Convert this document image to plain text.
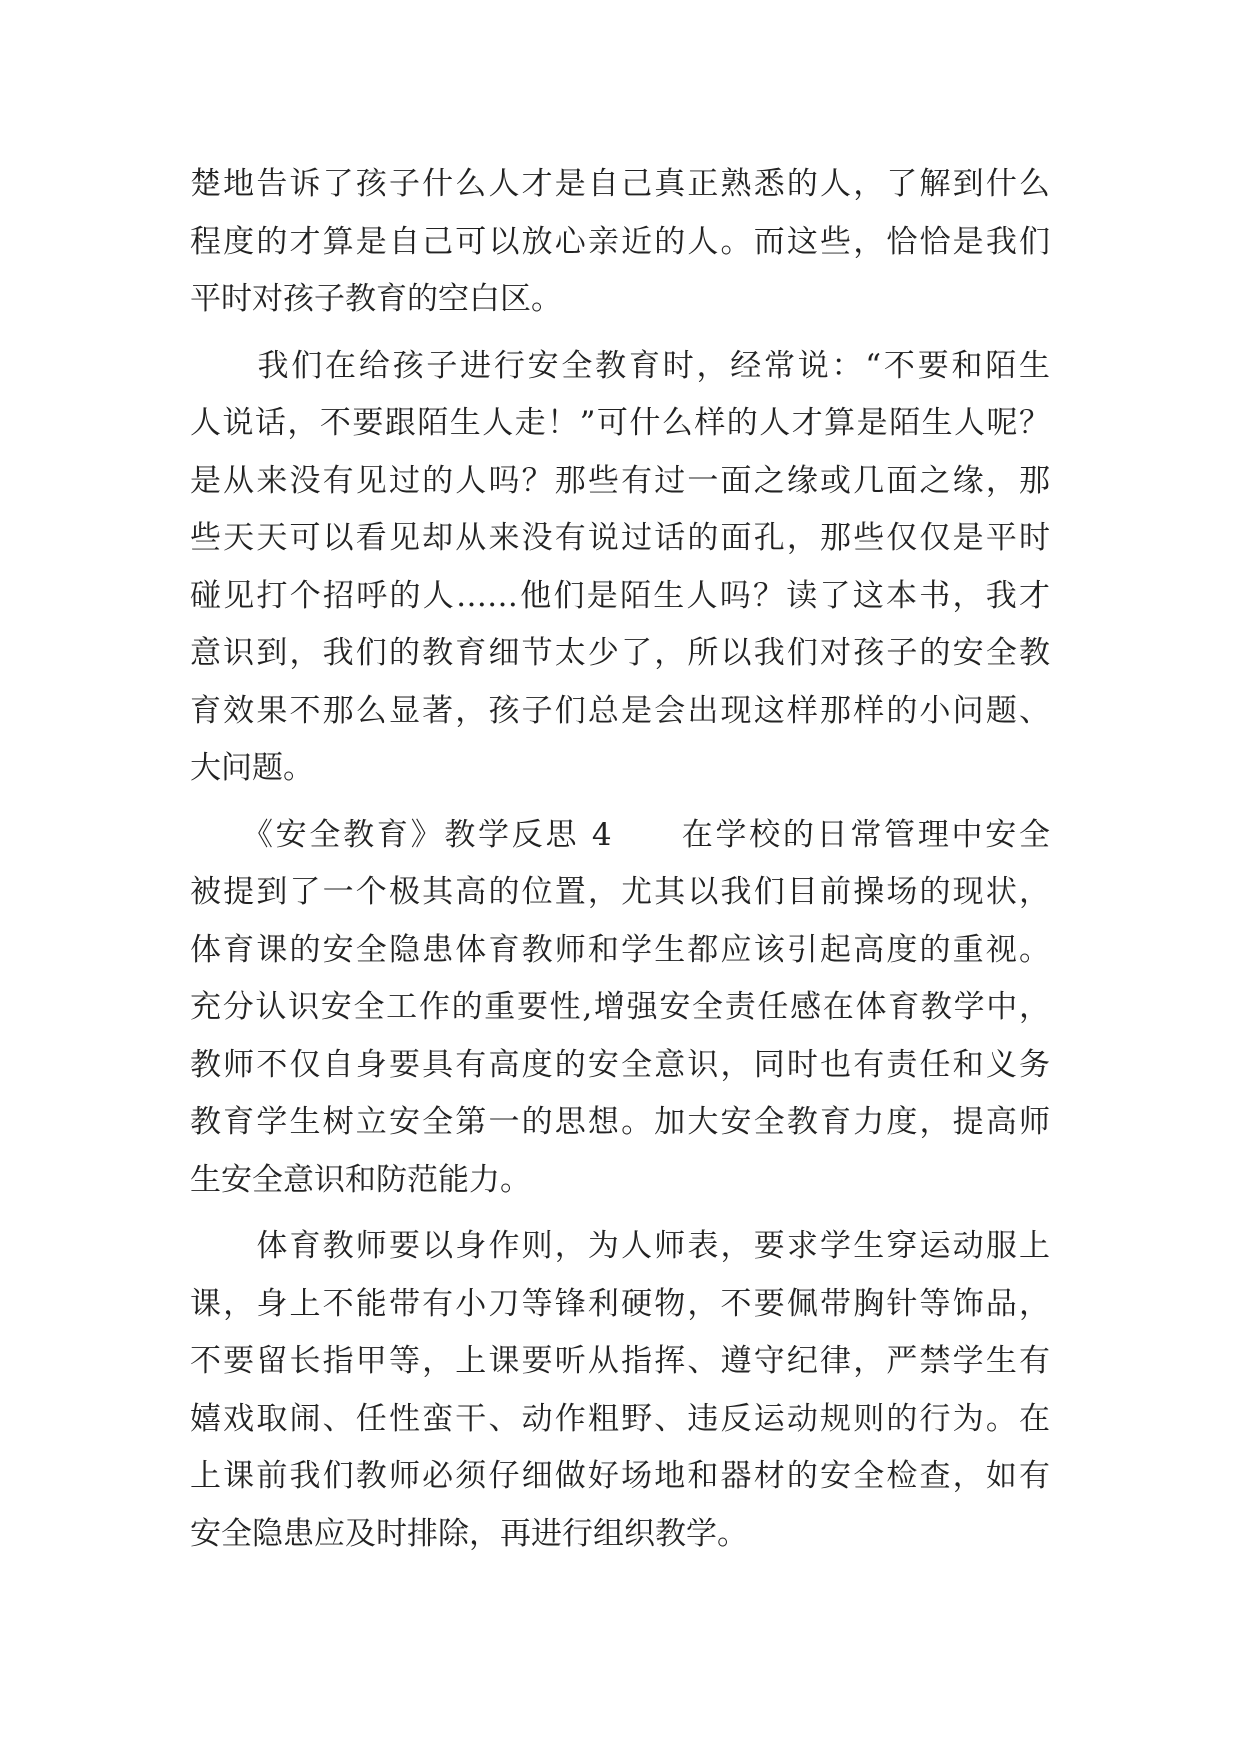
楚地告诉了孩子什么人才是自己真正熟悉的人，了解到什么
程度的才算是自己可以放心亲近的人。而这些，恰恰是我们
平时对孩子教育的空白区。
　　我们在给孩子进行安全教育时，经常说：“不要和陌生
人说话，不要跟陌生人走！”可什么样的人才算是陌生人呢？
是从来没有见过的人吗？那些有过一面之缘或几面之缘，那
些天天可以看见却从来没有说过话的面孔，那些仅仅是平时
碰见打个招呼的人……他们是陌生人吗？读了这本书，我才
意识到，我们的教育细节太少了，所以我们对孩子的安全教
育效果不那么显著，孩子们总是会出现这样那样的小问题、
大问题。
　　《安全教育》教学反思 4　　在学校的日常管理中安全
被提到了一个极其高的位置，尤其以我们目前操场的现状，
体育课的安全隐患体育教师和学生都应该引起高度的重视。
充分认识安全工作的重要性,增强安全责任感在体育教学中，
教师不仅自身要具有高度的安全意识，同时也有责任和义务
教育学生树立安全第一的思想。加大安全教育力度，提高师
生安全意识和防范能力。
　　体育教师要以身作则，为人师表，要求学生穿运动服上
课，身上不能带有小刀等锋利硬物，不要佩带胸针等饰品，
不要留长指甲等，上课要听从指挥、遵守纪律，严禁学生有
嬉戏取闹、任性蛮干、动作粗野、违反运动规则的行为。在
上课前我们教师必须仔细做好场地和器材的安全检查，如有
安全隐患应及时排除，再进行组织教学。
